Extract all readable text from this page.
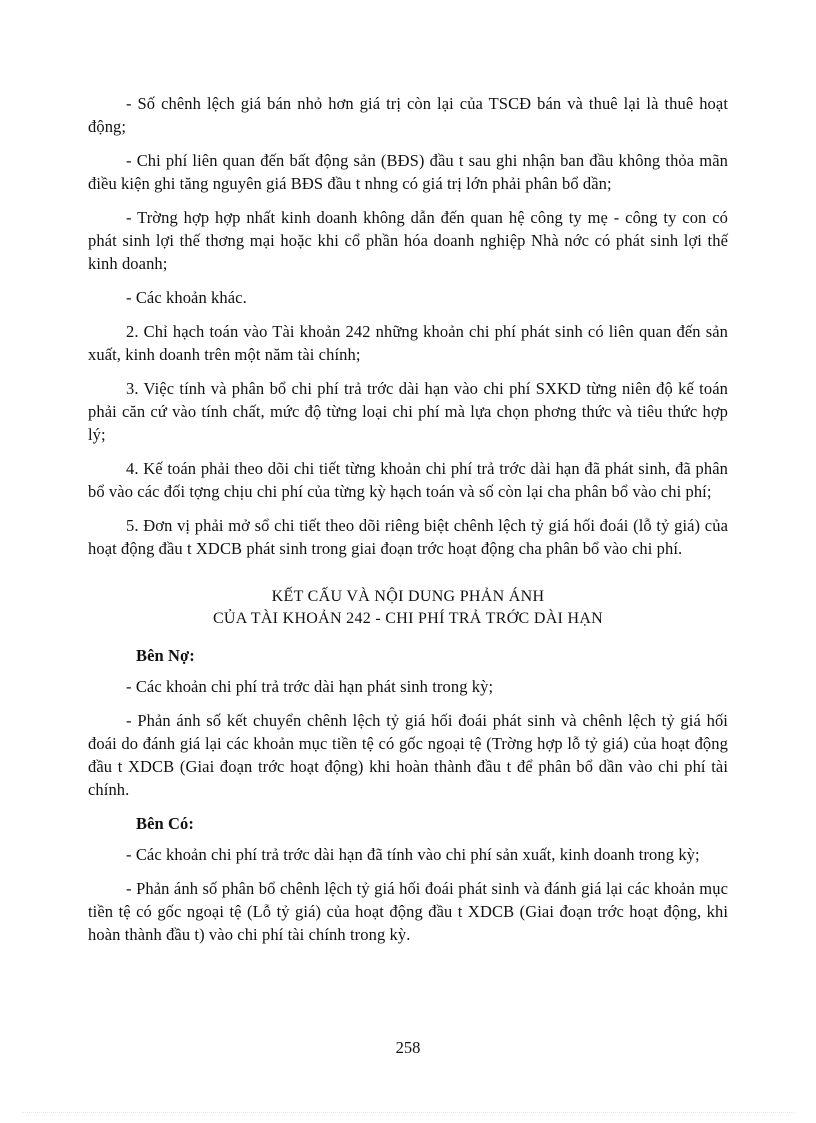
- Số chênh lệch giá bán nhỏ hơn giá trị còn lại của TSCĐ bán và thuê lại là thuê hoạt động;

- Chi phí liên quan đến bất động sản (BĐS) đầu t sau ghi nhận ban đầu không thỏa mãn điều kiện ghi tăng nguyên giá BĐS đầu t nhng có giá trị lớn phải phân bổ dần;

- Trờng hợp hợp nhất kinh doanh không dẫn đến quan hệ công ty mẹ - công ty con có phát sinh lợi thế thơng mại hoặc khi cổ phần hóa doanh nghiệp Nhà nớc có phát sinh lợi thế kinh doanh;

- Các khoản khác.

2. Chỉ hạch toán vào Tài khoản 242 những khoản chi phí phát sinh có liên quan đến sản xuất, kinh doanh trên một năm tài chính;

3. Việc tính và phân bổ chi phí trả trớc dài hạn vào chi phí SXKD từng niên độ kế toán phải căn cứ vào tính chất, mức độ từng loại chi phí mà lựa chọn phơng thức và tiêu thức hợp lý;

4. Kế toán phải theo dõi chi tiết từng khoản chi phí trả trớc dài hạn đã phát sinh, đã phân bổ vào các đối tợng chịu chi phí của từng kỳ hạch toán và số còn lại cha phân bổ vào chi phí;

5. Đơn vị phải mở sổ chi tiết theo dõi riêng biệt chênh lệch tỷ giá hối đoái (lỗ tỷ giá) của hoạt động đầu t XDCB phát sinh trong giai đoạn trớc hoạt động cha phân bổ vào chi phí.

KẾT CẤU VÀ NỘI DUNG PHẢN ÁNH
CỦA TÀI KHOẢN 242 - CHI PHÍ TRẢ TRỚC DÀI HẠN

Bên Nợ:

- Các khoản chi phí trả trớc dài hạn phát sinh trong kỳ;

- Phản ánh số kết chuyển chênh lệch tỷ giá hối đoái phát sinh và chênh lệch tỷ giá hối đoái do đánh giá lại các khoản mục tiền tệ có gốc ngoại tệ (Trờng hợp lỗ tỷ giá) của hoạt động đầu t XDCB (Giai đoạn trớc hoạt động) khi hoàn thành đầu t để phân bổ dần vào chi phí tài chính.

Bên Có:

- Các khoản chi phí trả trớc dài hạn đã tính vào chi phí sản xuất, kinh doanh trong kỳ;

- Phản ánh số phân bổ chênh lệch tỷ giá hối đoái phát sinh và đánh giá lại các khoản mục tiền tệ có gốc ngoại tệ (Lỗ tỷ giá) của hoạt động đầu t XDCB (Giai đoạn trớc hoạt động, khi hoàn thành đầu t) vào chi phí tài chính trong kỳ.

258
